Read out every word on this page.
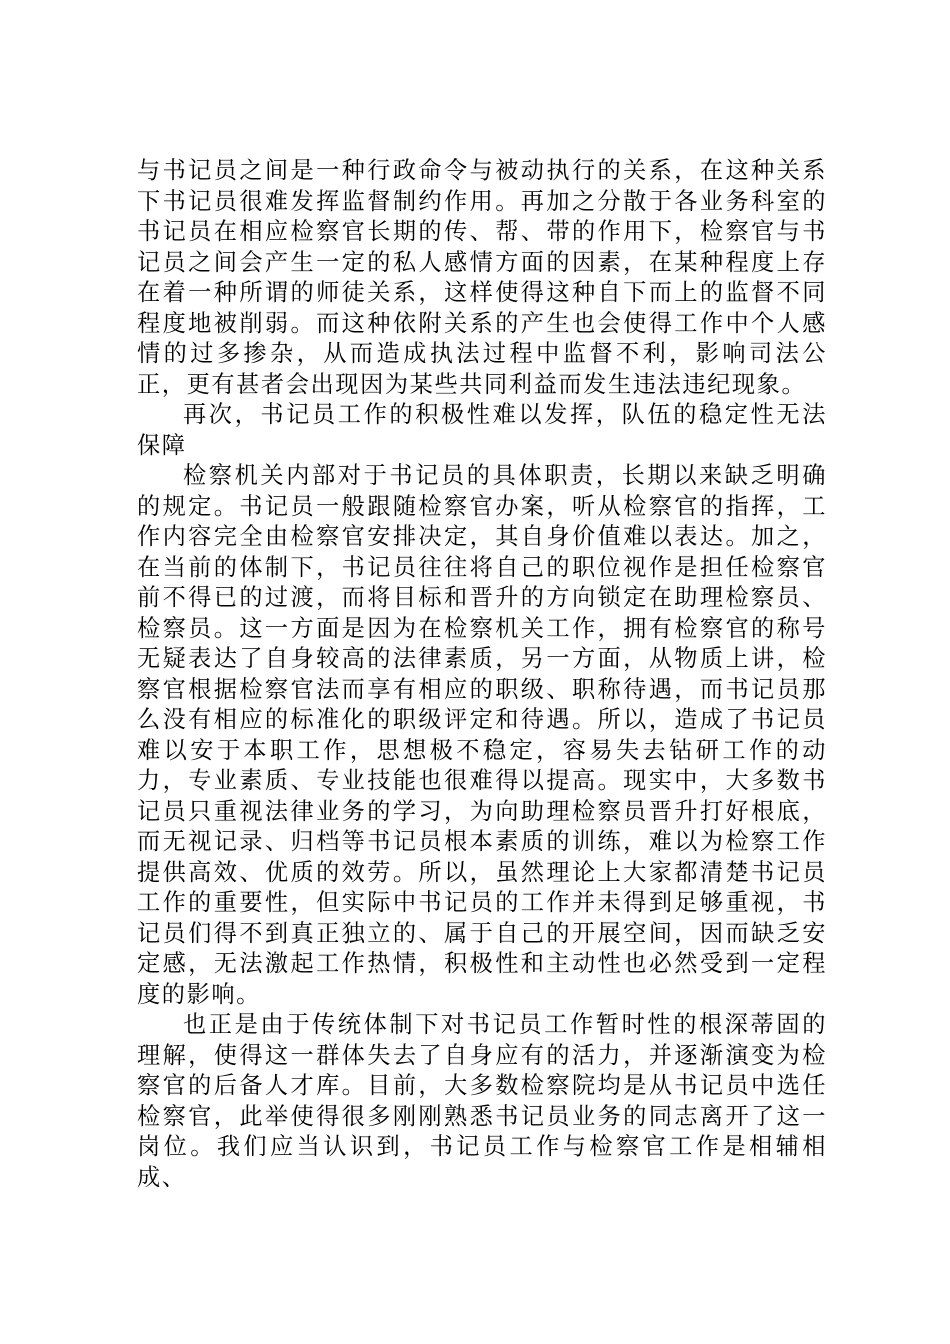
与书记员之间是一种行政命令与被动执行的关系，在这种关系下书记员很难发挥监督制约作用。再加之分散于各业务科室的书记员在相应检察官长期的传、帮、带的作用下，检察官与书记员之间会产生一定的私人感情方面的因素，在某种程度上存在着一种所谓的师徒关系，这样使得这种自下而上的监督不同程度地被削弱。而这种依附关系的产生也会使得工作中个人感情的过多掺杂，从而造成执法过程中监督不利，影响司法公正，更有甚者会出现因为某些共同利益而发生违法违纪现象。

再次，书记员工作的积极性难以发挥，队伍的稳定性无法保障

检察机关内部对于书记员的具体职责，长期以来缺乏明确的规定。书记员一般跟随检察官办案，听从检察官的指挥，工作内容完全由检察官安排决定，其自身价值难以表达。加之，在当前的体制下，书记员往往将自己的职位视作是担任检察官前不得已的过渡，而将目标和晋升的方向锁定在助理检察员、检察员。这一方面是因为在检察机关工作，拥有检察官的称号无疑表达了自身较高的法律素质，另一方面，从物质上讲，检察官根据检察官法而享有相应的职级、职称待遇，而书记员那么没有相应的标准化的职级评定和待遇。所以，造成了书记员难以安于本职工作，思想极不稳定，容易失去钻研工作的动力，专业素质、专业技能也很难得以提高。现实中，大多数书记员只重视法律业务的学习，为向助理检察员晋升打好根底，而无视记录、归档等书记员根本素质的训练，难以为检察工作提供高效、优质的效劳。所以，虽然理论上大家都清楚书记员工作的重要性，但实际中书记员的工作并未得到足够重视，书记员们得不到真正独立的、属于自己的开展空间，因而缺乏安定感，无法激起工作热情，积极性和主动性也必然受到一定程度的影响。

也正是由于传统体制下对书记员工作暂时性的根深蒂固的理解，使得这一群体失去了自身应有的活力，并逐渐演变为检察官的后备人才库。目前，大多数检察院均是从书记员中选任检察官，此举使得很多刚刚熟悉书记员业务的同志离开了这一岗位。我们应当认识到，书记员工作与检察官工作是相辅相成、
